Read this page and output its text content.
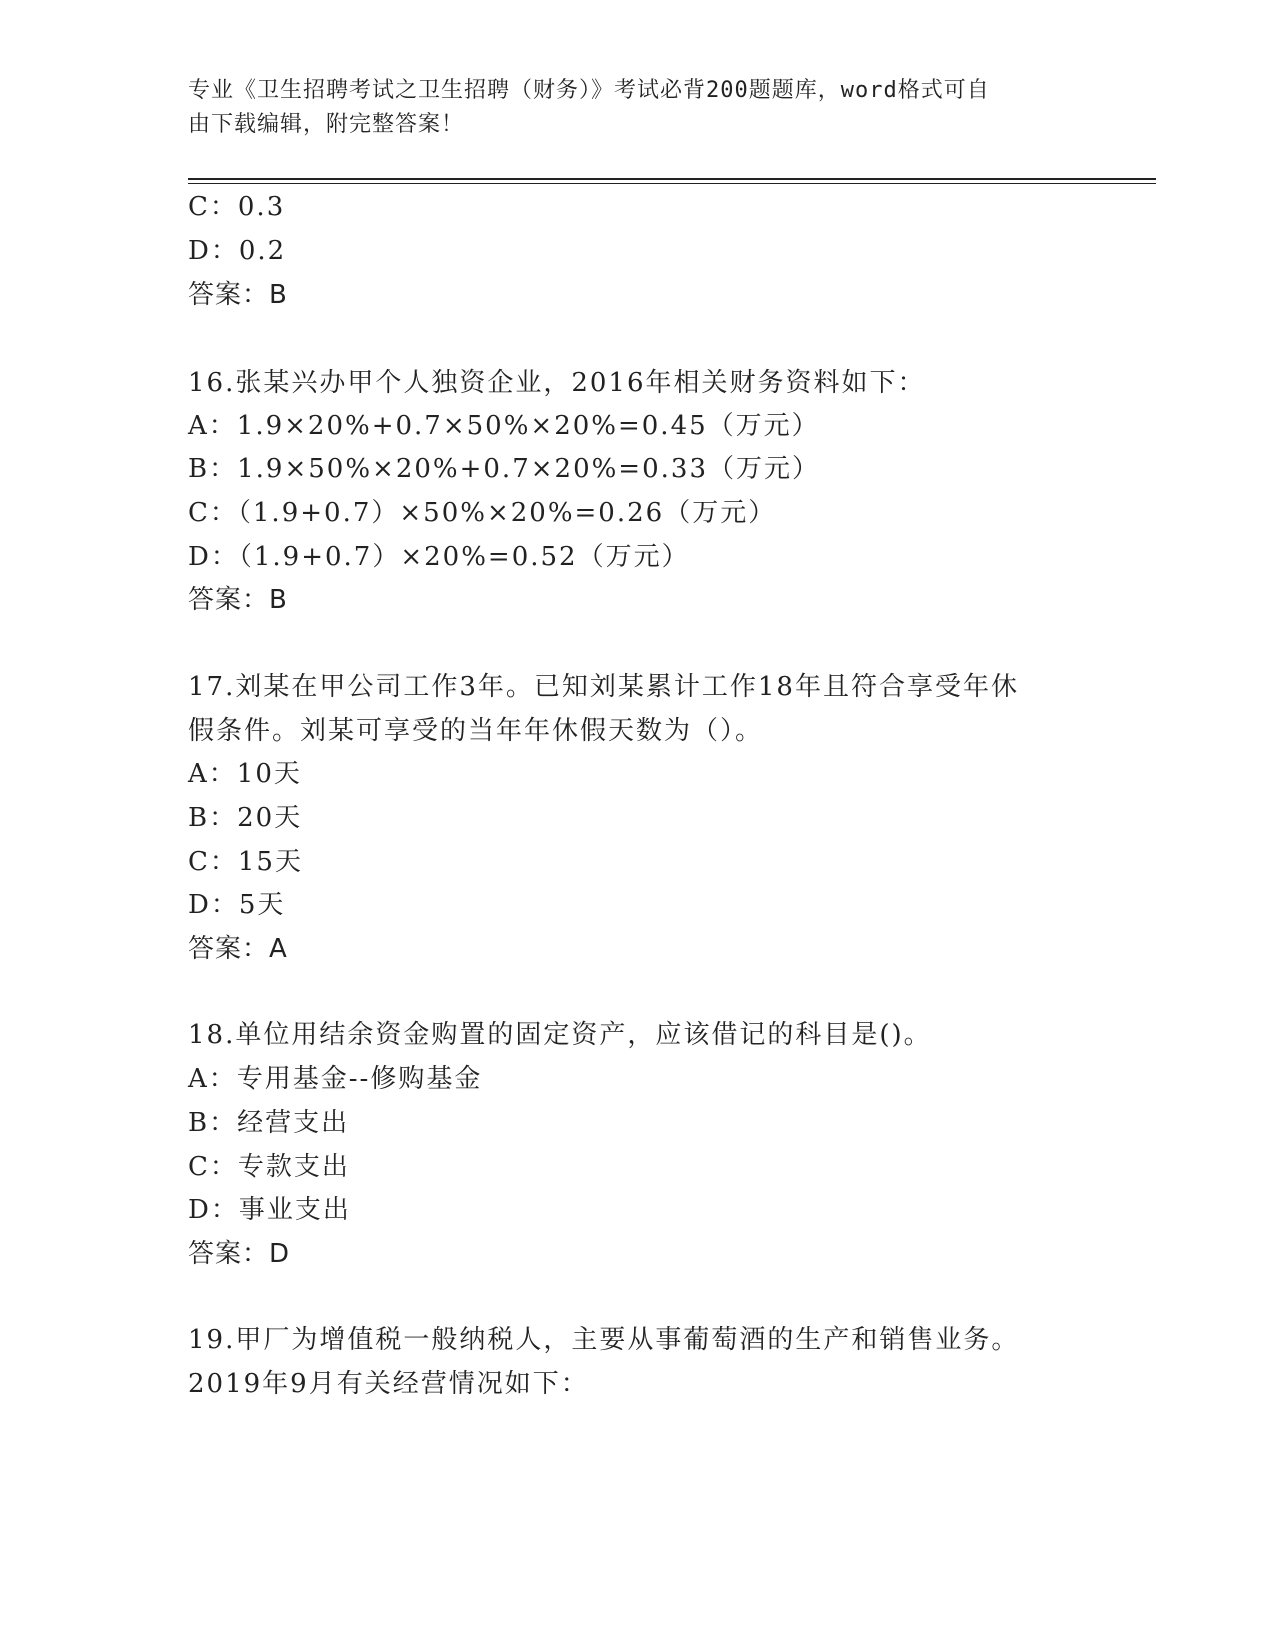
专业《卫生招聘考试之卫生招聘（财务）》考试必背200题题库，word格式可自
由下载编辑，附完整答案！
C：0.3
D：0.2
答案：B
16.张某兴办甲个人独资企业，2016年相关财务资料如下：
A：1.9×20%+0.7×50%×20%=0.45（万元）
B：1.9×50%×20%+0.7×20%=0.33（万元）
C：（1.9+0.7）×50%×20%=0.26（万元）
D：（1.9+0.7）×20%=0.52（万元）
答案：B
17.刘某在甲公司工作3年。已知刘某累计工作18年且符合享受年休
假条件。刘某可享受的当年年休假天数为（）。
A：10天
B：20天
C：15天
D：5天
答案：A
18.单位用结余资金购置的固定资产，应该借记的科目是()。
A：专用基金--修购基金
B：经营支出
C：专款支出
D：事业支出
答案：D
19.甲厂为增值税一般纳税人，主要从事葡萄酒的生产和销售业务。
2019年9月有关经营情况如下：
